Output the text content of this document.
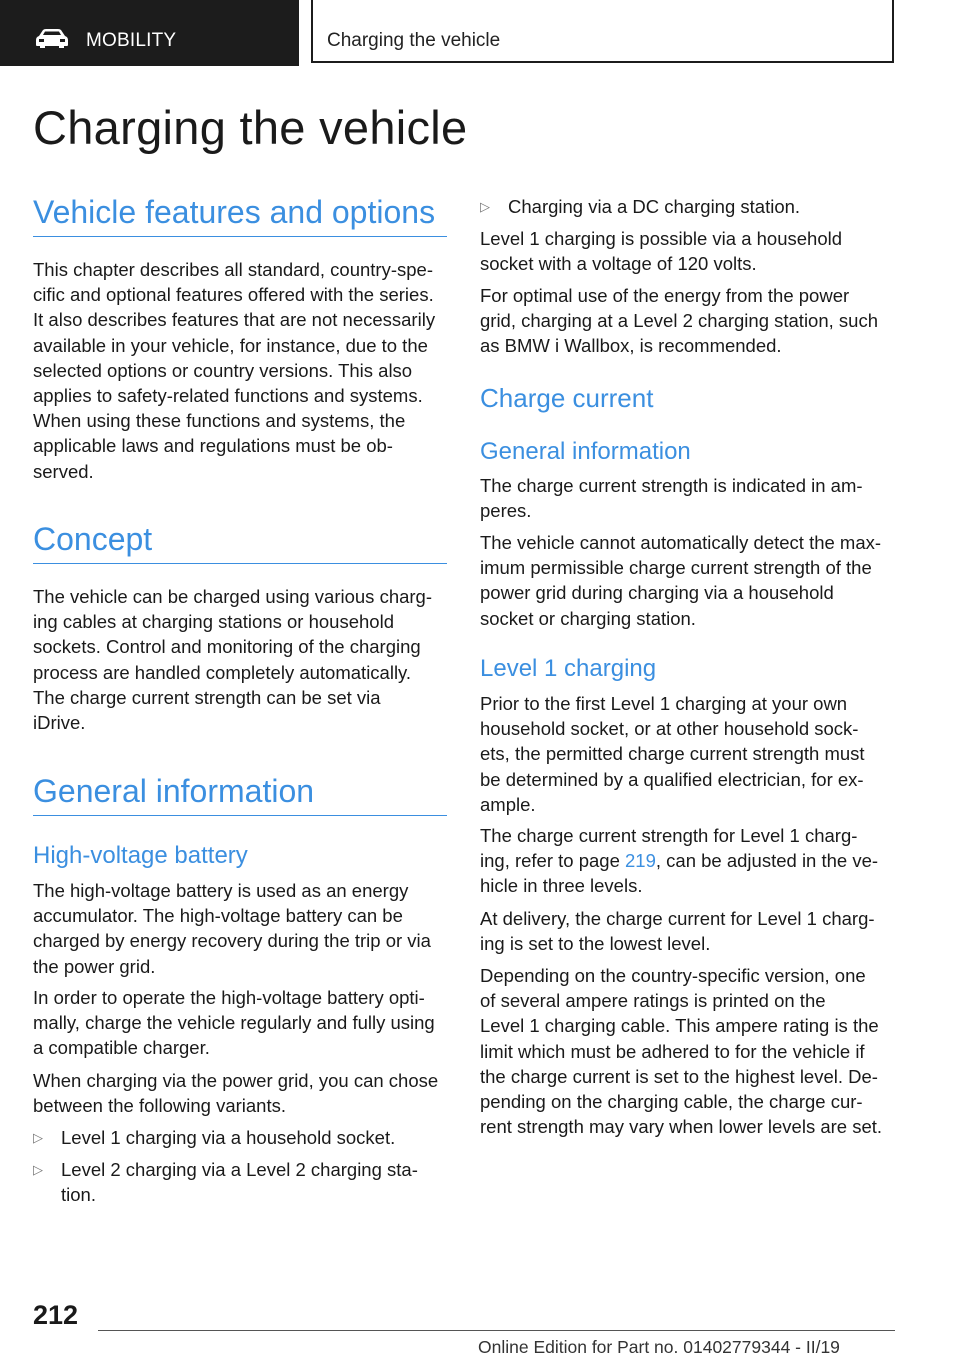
MOBILITY	Charging the vehicle
Charging the vehicle
Vehicle features and options

This chapter describes all standard, country-spe-
cific and optional features offered with the series.
It also describes features that are not necessarily
available in your vehicle, for instance, due to the
selected options or country versions. This also
applies to safety-related functions and systems.
When using these functions and systems, the
applicable laws and regulations must be ob-
served.

Concept

The vehicle can be charged using various charg-
ing cables at charging stations or household
sockets. Control and monitoring of the charging
process are handled completely automatically.
The charge current strength can be set via
iDrive.

General information
High-voltage battery

The high-voltage battery is used as an energy
accumulator. The high-voltage battery can be
charged by energy recovery during the trip or via
the power grid.

In order to operate the high-voltage battery opti-
mally, charge the vehicle regularly and fully using
a compatible charger.

When charging via the power grid, you can chose
between the following variants.

▷ Level 1 charging via a household socket.
▷ Level 2 charging via a Level 2 charging sta-
tion.
▷ Charging via a DC charging station.

Level 1 charging is possible via a household
socket with a voltage of 120 volts.

For optimal use of the energy from the power
grid, charging at a Level 2 charging station, such
as BMW i Wallbox, is recommended.

Charge current
General information

The charge current strength is indicated in am-
peres.

The vehicle cannot automatically detect the max-
imum permissible charge current strength of the
power grid during charging via a household
socket or charging station.

Level 1 charging

Prior to the first Level 1 charging at your own
household socket, or at other household sock-
ets, the permitted charge current strength must
be determined by a qualified electrician, for ex-
ample.

The charge current strength for Level 1 charg-
ing, refer to page 219, can be adjusted in the ve-
hicle in three levels.

At delivery, the charge current for Level 1 charg-
ing is set to the lowest level.

Depending on the country-specific version, one
of several ampere ratings is printed on the
Level 1 charging cable. This ampere rating is the
limit which must be adhered to for the vehicle if
the charge current is set to the highest level. De-
pending on the charging cable, the charge cur-
rent strength may vary when lower levels are set.

212
Online Edition for Part no. 01402779344 - II/19
